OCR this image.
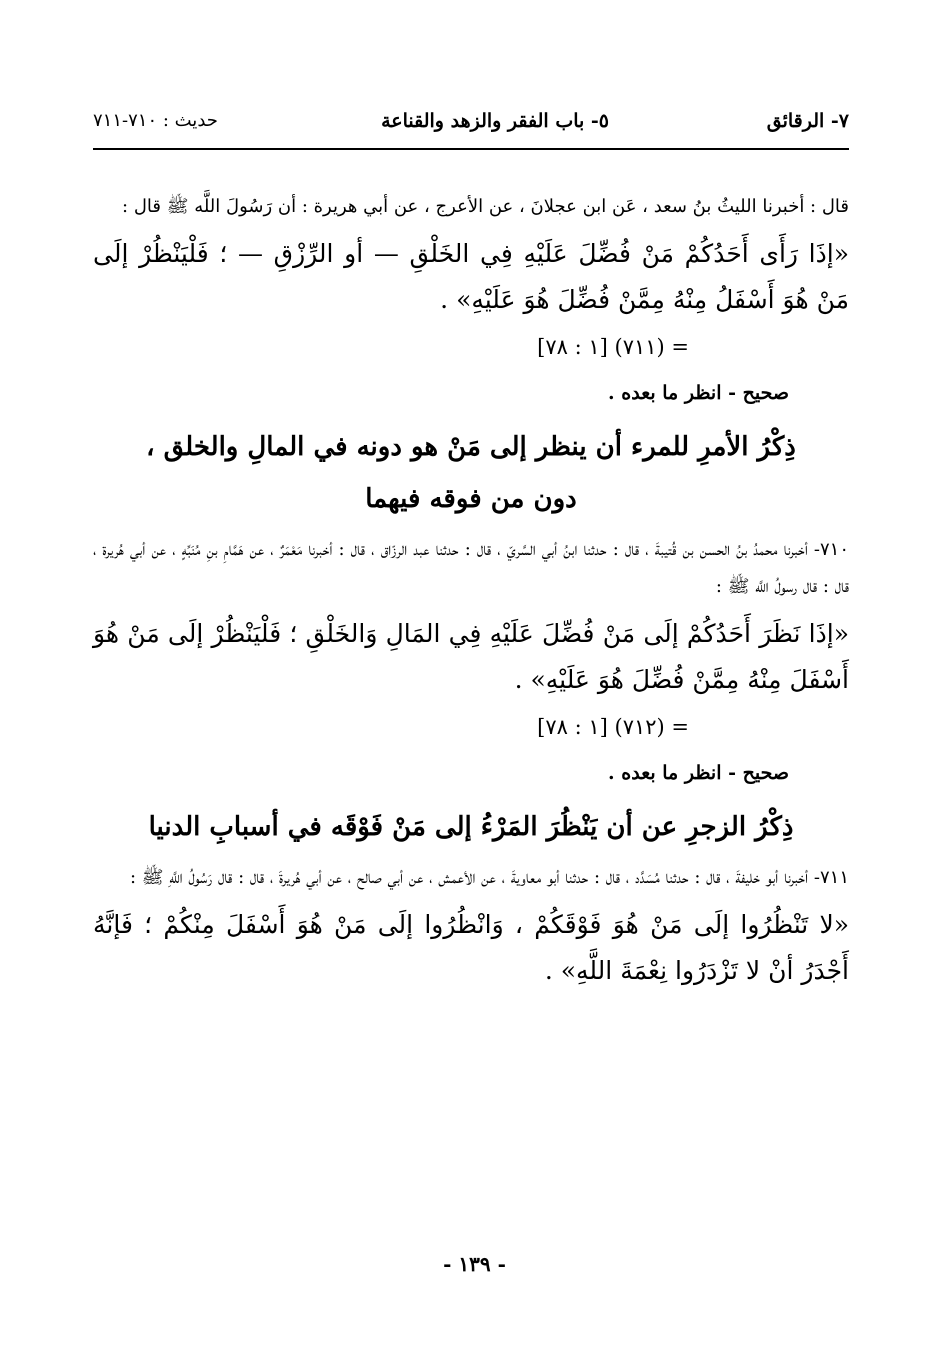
٧- الرقائق
٥- باب الفقر والزهد والقناعة
حديث : ٧١٠-٧١١

قال : أخبرنا الليثُ بنُ سعد ، عَن ابن عجلانَ ، عن الأعرج ، عن أبي هريرة : أن رَسُولَ اللَّه ﷺ قال :

«إذَا رَأَى أَحَدُكُمْ مَنْ فُضِّلَ عَلَيْهِ فِي الخَلْقِ — أو الرِّزْقِ — ؛ فَلْيَنْظُرْ إلَى مَنْ هُوَ أَسْفَلُ مِنْهُ مِمَّنْ فُضِّلَ هُوَ عَلَيْهِ» .

= (٧١١) [١ : ٧٨]
صحيح - انظر ما بعده .
ذِكْرُ الأمرِ للمرء أن ينظر إلى مَنْ هو دونه في المالِ والخلق ، دون من فوقه فيهما

٧١٠- أخبرنا محمدُ بنُ الحسن بن قُتيبةَ ، قال : حدثنا ابنُ أبي السَّريّ ، قال : حدثنا عبد الرزّاق ، قال : أخبرنا مَعْمَرٌ ، عن هَمَّامِ بنِ مُنَبِّهٍ ، عن أبي هُريرة ، قال : قال رسولُ اللَّه ﷺ :

«إذَا نَظَرَ أَحَدُكُمْ إلَى مَنْ فُضِّلَ عَلَيْهِ فِي المَالِ وَالخَلْقِ ؛ فَلْيَنْظُرْ إلَى مَنْ هُوَ أَسْفَلَ مِنْهُ مِمَّنْ فُضِّلَ هُوَ عَلَيْهِ» .

= (٧١٢) [١ : ٧٨]
صحيح - انظر ما بعده .
ذِكْرُ الزجرِ عن أن يَنْظُرَ المَرْءُ إلى مَنْ فَوْقَه في أسبابِ الدنيا

٧١١- أخبرنا أبو خليفةَ ، قال : حدثنا مُسَدَّد ، قال : حدثنا أبو معاويةَ ، عن الأعمش ، عن أبي صالح ، عن أبي هُريرةَ ، قال : قال رَسُولُ اللَّهِ ﷺ :

«لا تَنْظُرُوا إلَى مَنْ هُوَ فَوْقَكُمْ ، وَانْظُرُوا إلَى مَنْ هُوَ أَسْفَلَ مِنْكُمْ ؛ فَإنَّهُ أَجْدَرُ أنْ لا تَزْدَرُوا نِعْمَةَ اللَّهِ» .

- ١٣٩ -
